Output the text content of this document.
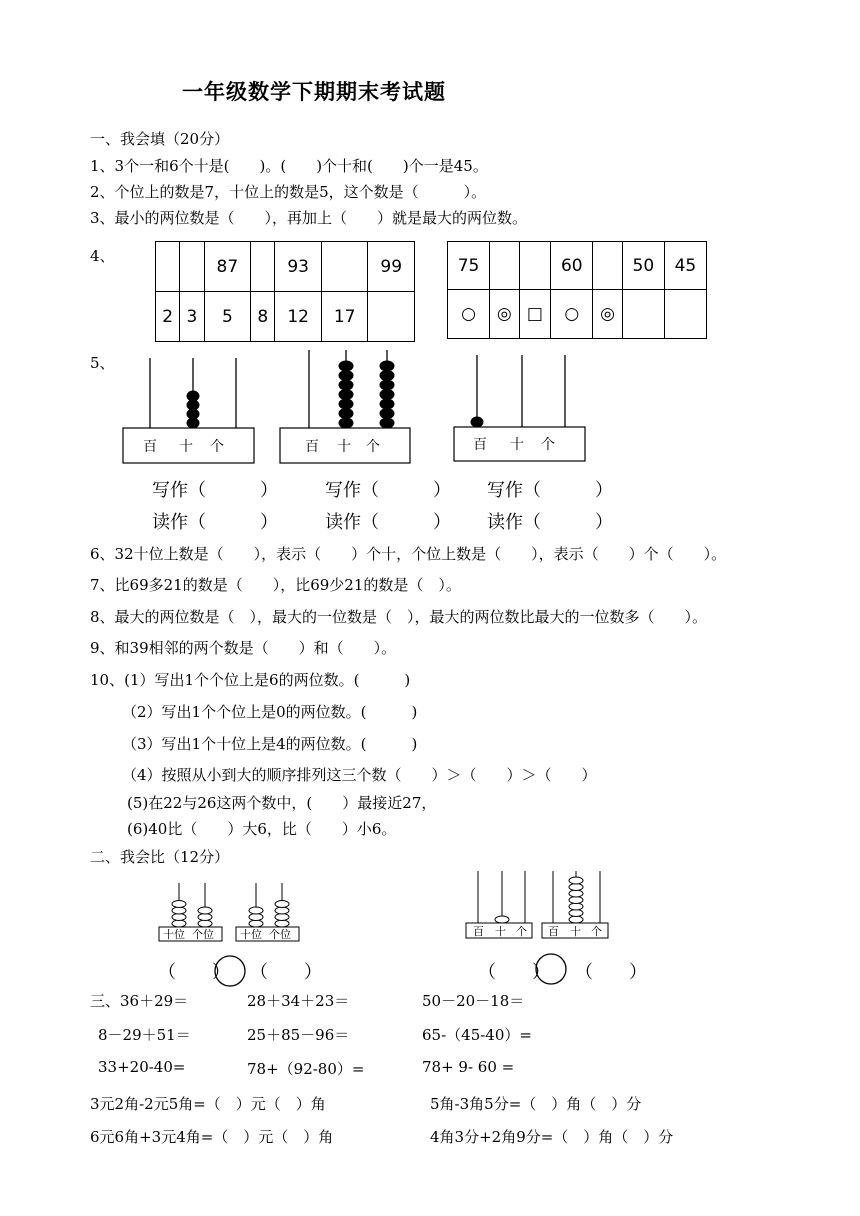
一年级数学下期期末考试题
一、我会填（20分）
1、3个一和6个十是(　　)。(　　)个十和(　　)个一是45。
2、个位上的数是7，十位上的数是5，这个数是（　　　）。
3、最小的两位数是（　　），再加上（　　）就是最大的两位数。
4、
		87		93		99
2	3	5	8	12	17	
75			60		50	45
○	◎	□	○	◎		
5、
百 十 个	百 十 个	百 十 个
十位 个位 十位 个位	百 十 个 百 十 个
写作（　　　）	写作（　　　） 写作（　　　）
读作（　　　）	读作（　　　） 读作（　　　）
6、32十位上数是（　　），表示（　　）个十，个位上数是（　　），表示（　　）个（　　）。
7、比69多21的数是（　　），比69少21的数是（　）。
8、最大的两位数是（　），最大的一位数是（　），最大的两位数比最大的一位数多（　　）。
9、和39相邻的两个数是（　　）和（　　）。
10、(1）写出1个个位上是6的两位数。(　　　)
（2）写出1个个位上是0的两位数。(　　　)
（3）写出1个十位上是4的两位数。(　　　)
（4）按照从小到大的顺序排列这三个数（　　）＞（　　）＞（　　）
(5)在22与26这两个数中，(　　）最接近27，
(6)40比（　　）大6，比（　　）小6。
二、我会比（12分）
（　　） （　　）	（　　） （　　）
三、36＋29＝	28＋34＋23＝	50－20－18＝
8－29＋51＝	25＋85－96＝	65-（45-40）=
33+20-40=	78+（92-80）=	78+ 9- 60 =
3元2角-2元5角=（　）元（　）角	5角-3角5分=（　）角（　）分
6元6角+3元4角=（　）元（　）角	4角3分+2角9分=（　）角（　）分
